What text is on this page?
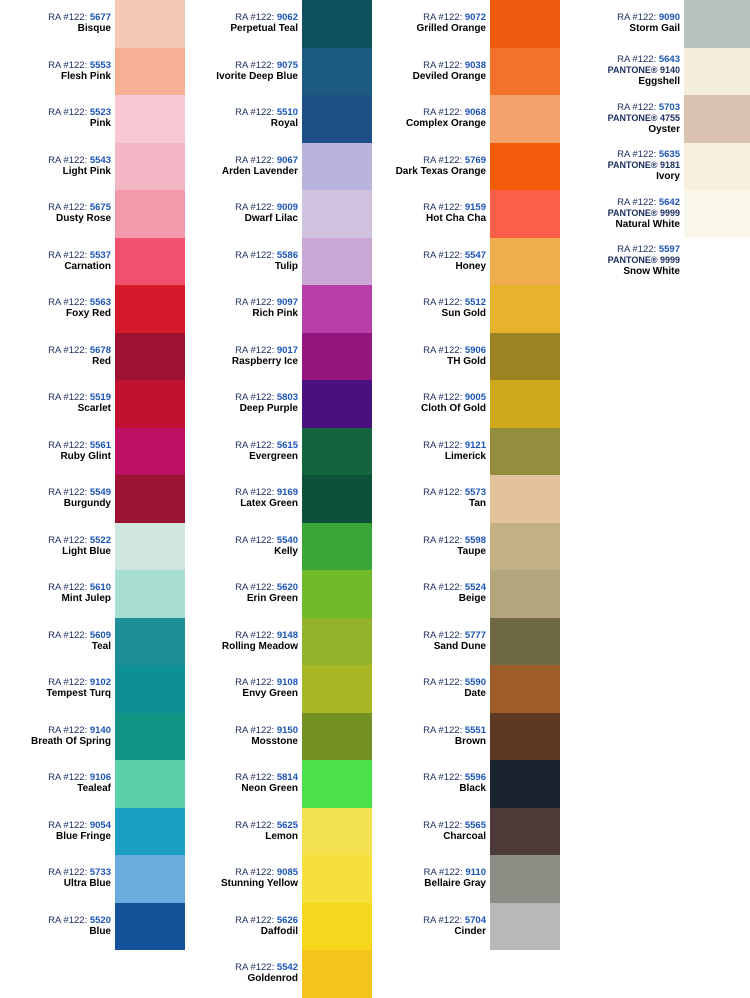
RA #122: 5677
Bisque
RA #122: 5553
Flesh Pink
RA #122: 5523
Pink
RA #122: 5543
Light Pink
RA #122: 5675
Dusty Rose
RA #122: 5537
Carnation
RA #122: 5563
Foxy Red
RA #122: 5678
Red
RA #122: 5519
Scarlet
RA #122: 5561
Ruby Glint
RA #122: 5549
Burgundy
RA #122: 5522
Light Blue
RA #122: 5610
Mint Julep
RA #122: 5609
Teal
RA #122: 9102
Tempest Turq
RA #122: 9140
Breath Of Spring
RA #122: 9106
Tealeaf
RA #122: 9054
Blue Fringe
RA #122: 5733
Ultra Blue
RA #122: 5520
Blue
RA #122: 9062
Perpetual Teal
RA #122: 9075
Ivorite Deep Blue
RA #122: 5510
Royal
RA #122: 9067
Arden Lavender
RA #122: 9009
Dwarf Lilac
RA #122: 5586
Tulip
RA #122: 9097
Rich Pink
RA #122: 9017
Raspberry Ice
RA #122: 5803
Deep Purple
RA #122: 5615
Evergreen
RA #122: 9169
Latex Green
RA #122: 5540
Kelly
RA #122: 5620
Erin Green
RA #122: 9148
Rolling Meadow
RA #122: 9108
Envy Green
RA #122: 9150
Mosstone
RA #122: 5814
Neon Green
RA #122: 5625
Lemon
RA #122: 9085
Stunning Yellow
RA #122: 5626
Daffodil
RA #122: 5542
Goldenrod
RA #122: 9072
Grilled Orange
RA #122: 9038
Deviled Orange
RA #122: 9068
Complex Orange
RA #122: 5769
Dark Texas Orange
RA #122: 9159
Hot Cha Cha
RA #122: 5547
Honey
RA #122: 5512
Sun Gold
RA #122: 5906
TH Gold
RA #122: 9005
Cloth Of Gold
RA #122: 9121
Limerick
RA #122: 5573
Tan
RA #122: 5598
Taupe
RA #122: 5524
Beige
RA #122: 5777
Sand Dune
RA #122: 5590
Date
RA #122: 5551
Brown
RA #122: 5596
Black
RA #122: 5565
Charcoal
RA #122: 9110
Bellaire Gray
RA #122: 5704
Cinder
RA #122: 9090
Storm Gail
RA #122: 5643
PANTONE® 9140
Eggshell
RA #122: 5703
PANTONE® 4755
Oyster
RA #122: 5635
PANTONE® 9181
Ivory
RA #122: 5642
PANTONE® 9999
Natural White
RA #122: 5597
PANTONE® 9999
Snow White
